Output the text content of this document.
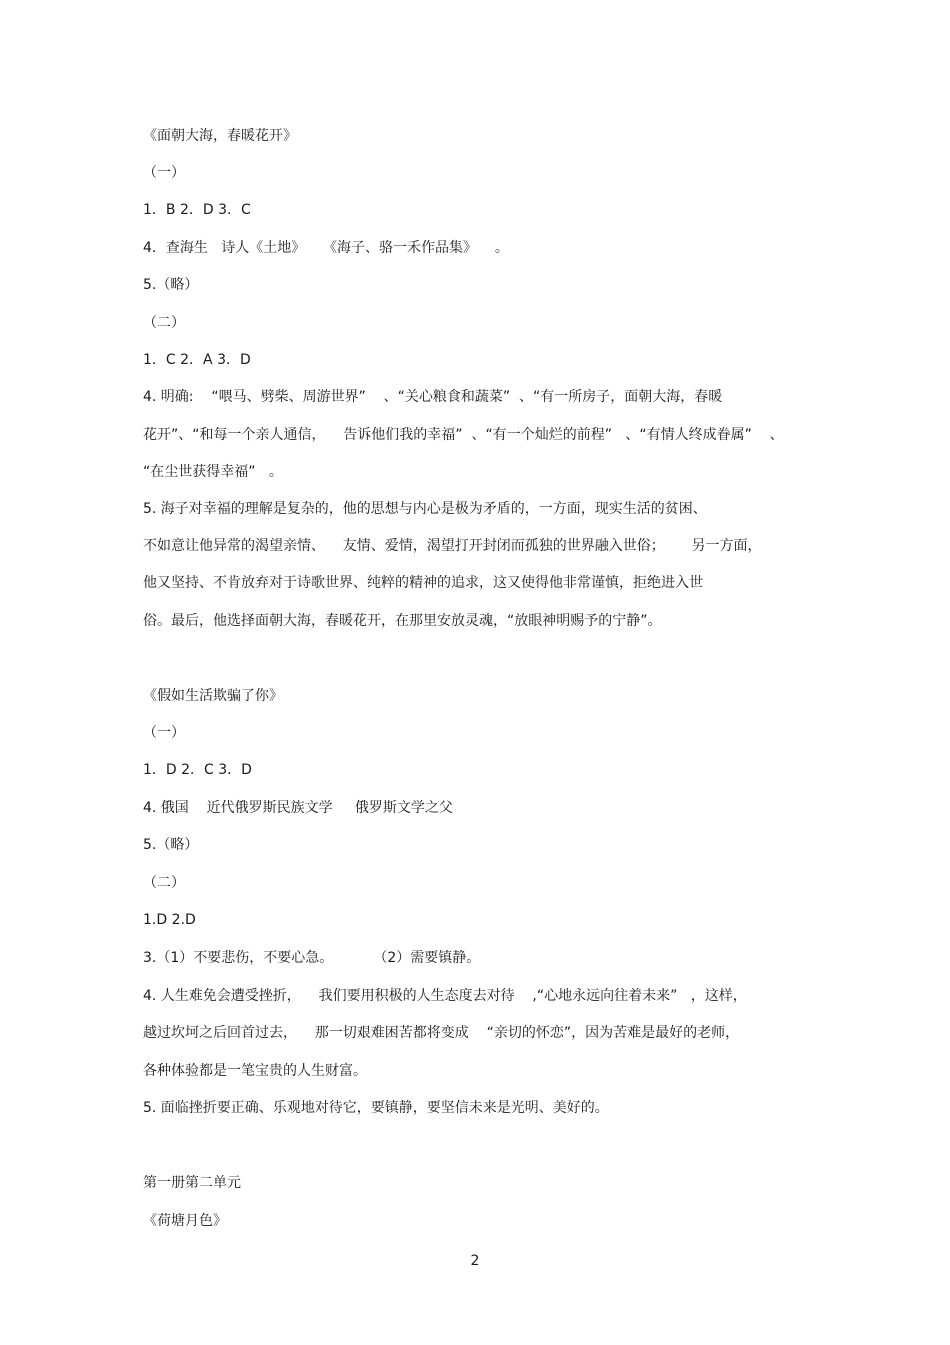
《面朝大海，春暖花开》
（一）
1．B 2．D 3．C
4．查海生   诗人《土地》    《海子、骆一禾作品集》    。
5.（略）
（二）
1．C 2．A 3．D
4. 明确:    “喂马、劈柴、周游世界”    、“关心粮食和蔬菜”  、“有一所房子，面朝大海，春暖
花开”、“和每一个亲人通信，    告诉他们我的幸福”  、“有一个灿烂的前程”   、“有情人终成眷属”    、
“在尘世获得幸福”   。
5. 海子对幸福的理解是复杂的，他的思想与内心是极为矛盾的，一方面，现实生活的贫困、
不如意让他异常的渴望亲情、    友情、爱情，渴望打开封闭而孤独的世界融入世俗；      另一方面，
他又坚持、不肯放弃对于诗歌世界、纯粹的精神的追求，这又使得他非常谨慎，拒绝进入世
俗。最后，他选择面朝大海，春暖花开，在那里安放灵魂，“放眼神明赐予的宁静”。
《假如生活欺骗了你》
（一）
1．D 2．C 3．D
4. 俄国    近代俄罗斯民族文学     俄罗斯文学之父
5.（略）
（二）
1.D 2.D
3.（1）不要悲伤，不要心急。         （2）需要镇静。
4. 人生难免会遭受挫折，    我们要用积极的人生态度去对待    ,“心地永远向往着未来”   ，这样，
越过坎坷之后回首过去，    那一切艰难困苦都将变成    “亲切的怀恋”，因为苦难是最好的老师，
各种体验都是一笔宝贵的人生财富。
5. 面临挫折要正确、乐观地对待它，要镇静，要坚信未来是光明、美好的。
第一册第二单元
《荷塘月色》
2
